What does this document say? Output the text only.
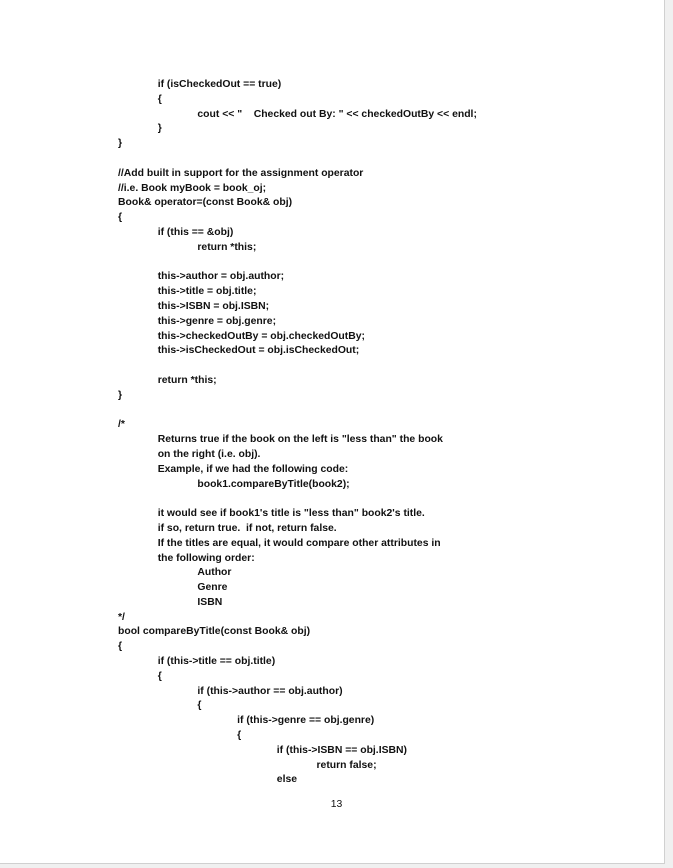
if (isCheckedOut == true)
{
cout << "    Checked out By: " << checkedOutBy << endl;
}
}
//Add built in support for the assignment operator
//i.e. Book myBook = book_oj;
Book& operator=(const Book& obj)
{
if (this == &obj)
return *this;
this->author = obj.author;
this->title = obj.title;
this->ISBN = obj.ISBN;
this->genre = obj.genre;
this->checkedOutBy = obj.checkedOutBy;
this->isCheckedOut = obj.isCheckedOut;
return *this;
}
/*
Returns true if the book on the left is "less than" the book
on the right (i.e. obj).
Example, if we had the following code:
book1.compareByTitle(book2);
it would see if book1's title is "less than" book2's title.
if so, return true.  if not, return false.
If the titles are equal, it would compare other attributes in
the following order:
Author
Genre
ISBN
*/
bool compareByTitle(const Book& obj)
{
if (this->title == obj.title)
{
if (this->author == obj.author)
{
if (this->genre == obj.genre)
{
if (this->ISBN == obj.ISBN)
return false;
else
13
